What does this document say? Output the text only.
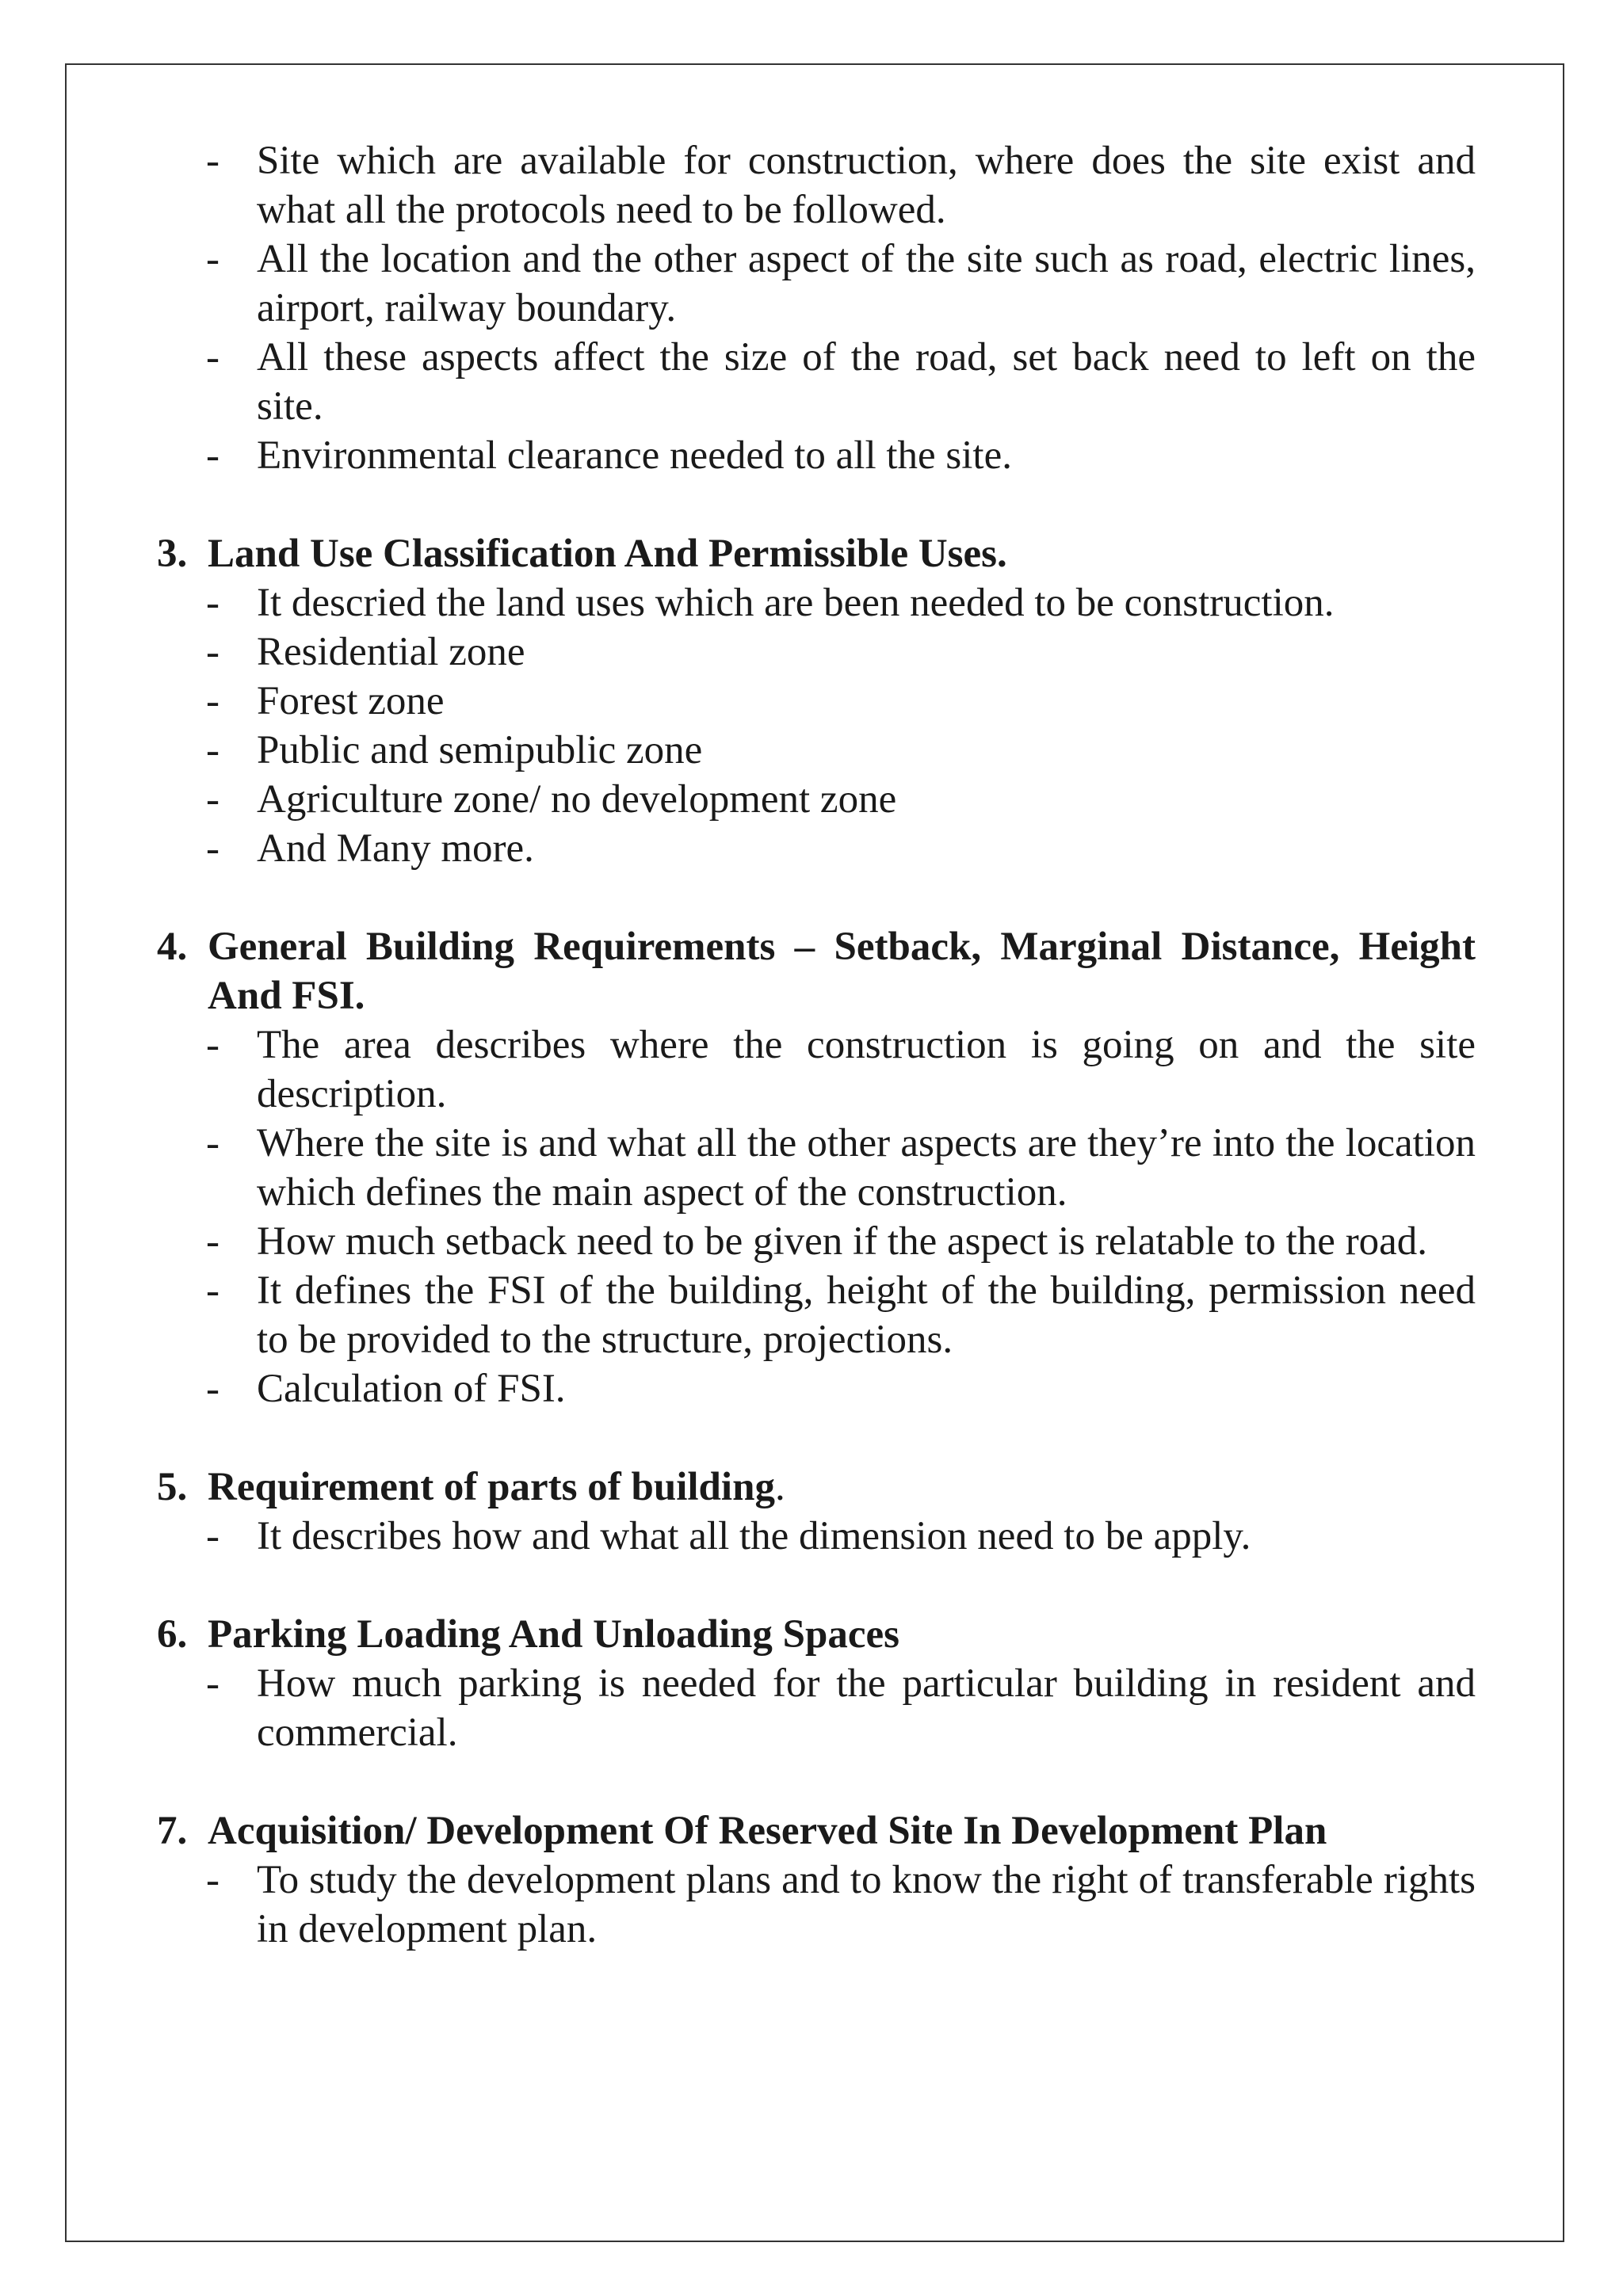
- Site which are available for construction, where does the site exist and what all the protocols need to be followed.
- All the location and the other aspect of the site such as road, electric lines, airport, railway boundary.
- All these aspects affect the size of the road, set back need to left on the site.
- Environmental clearance needed to all the site.

3. Land Use Classification And Permissible Uses.

- It descried the land uses which are been needed to be construction.
- Residential zone
- Forest zone
- Public and semipublic zone
- Agriculture zone/ no development zone
- And Many more.

4. General Building Requirements – Setback, Marginal Distance, Height And FSI.

- The area describes where the construction is going on and the site description.
- Where the site is and what all the other aspects are they’re into the location which defines the main aspect of the construction.
- How much setback need to be given if the aspect is relatable to the road.
- It defines the FSI of the building, height of the building, permission need to be provided to the structure, projections.
- Calculation of FSI.

5. Requirement of parts of building.

- It describes how and what all the dimension need to be apply.

6. Parking Loading And Unloading Spaces

- How much parking is needed for the particular building in resident and commercial.

7. Acquisition/ Development Of Reserved Site In Development Plan

- To study the development plans and to know the right of transferable rights in development plan.
